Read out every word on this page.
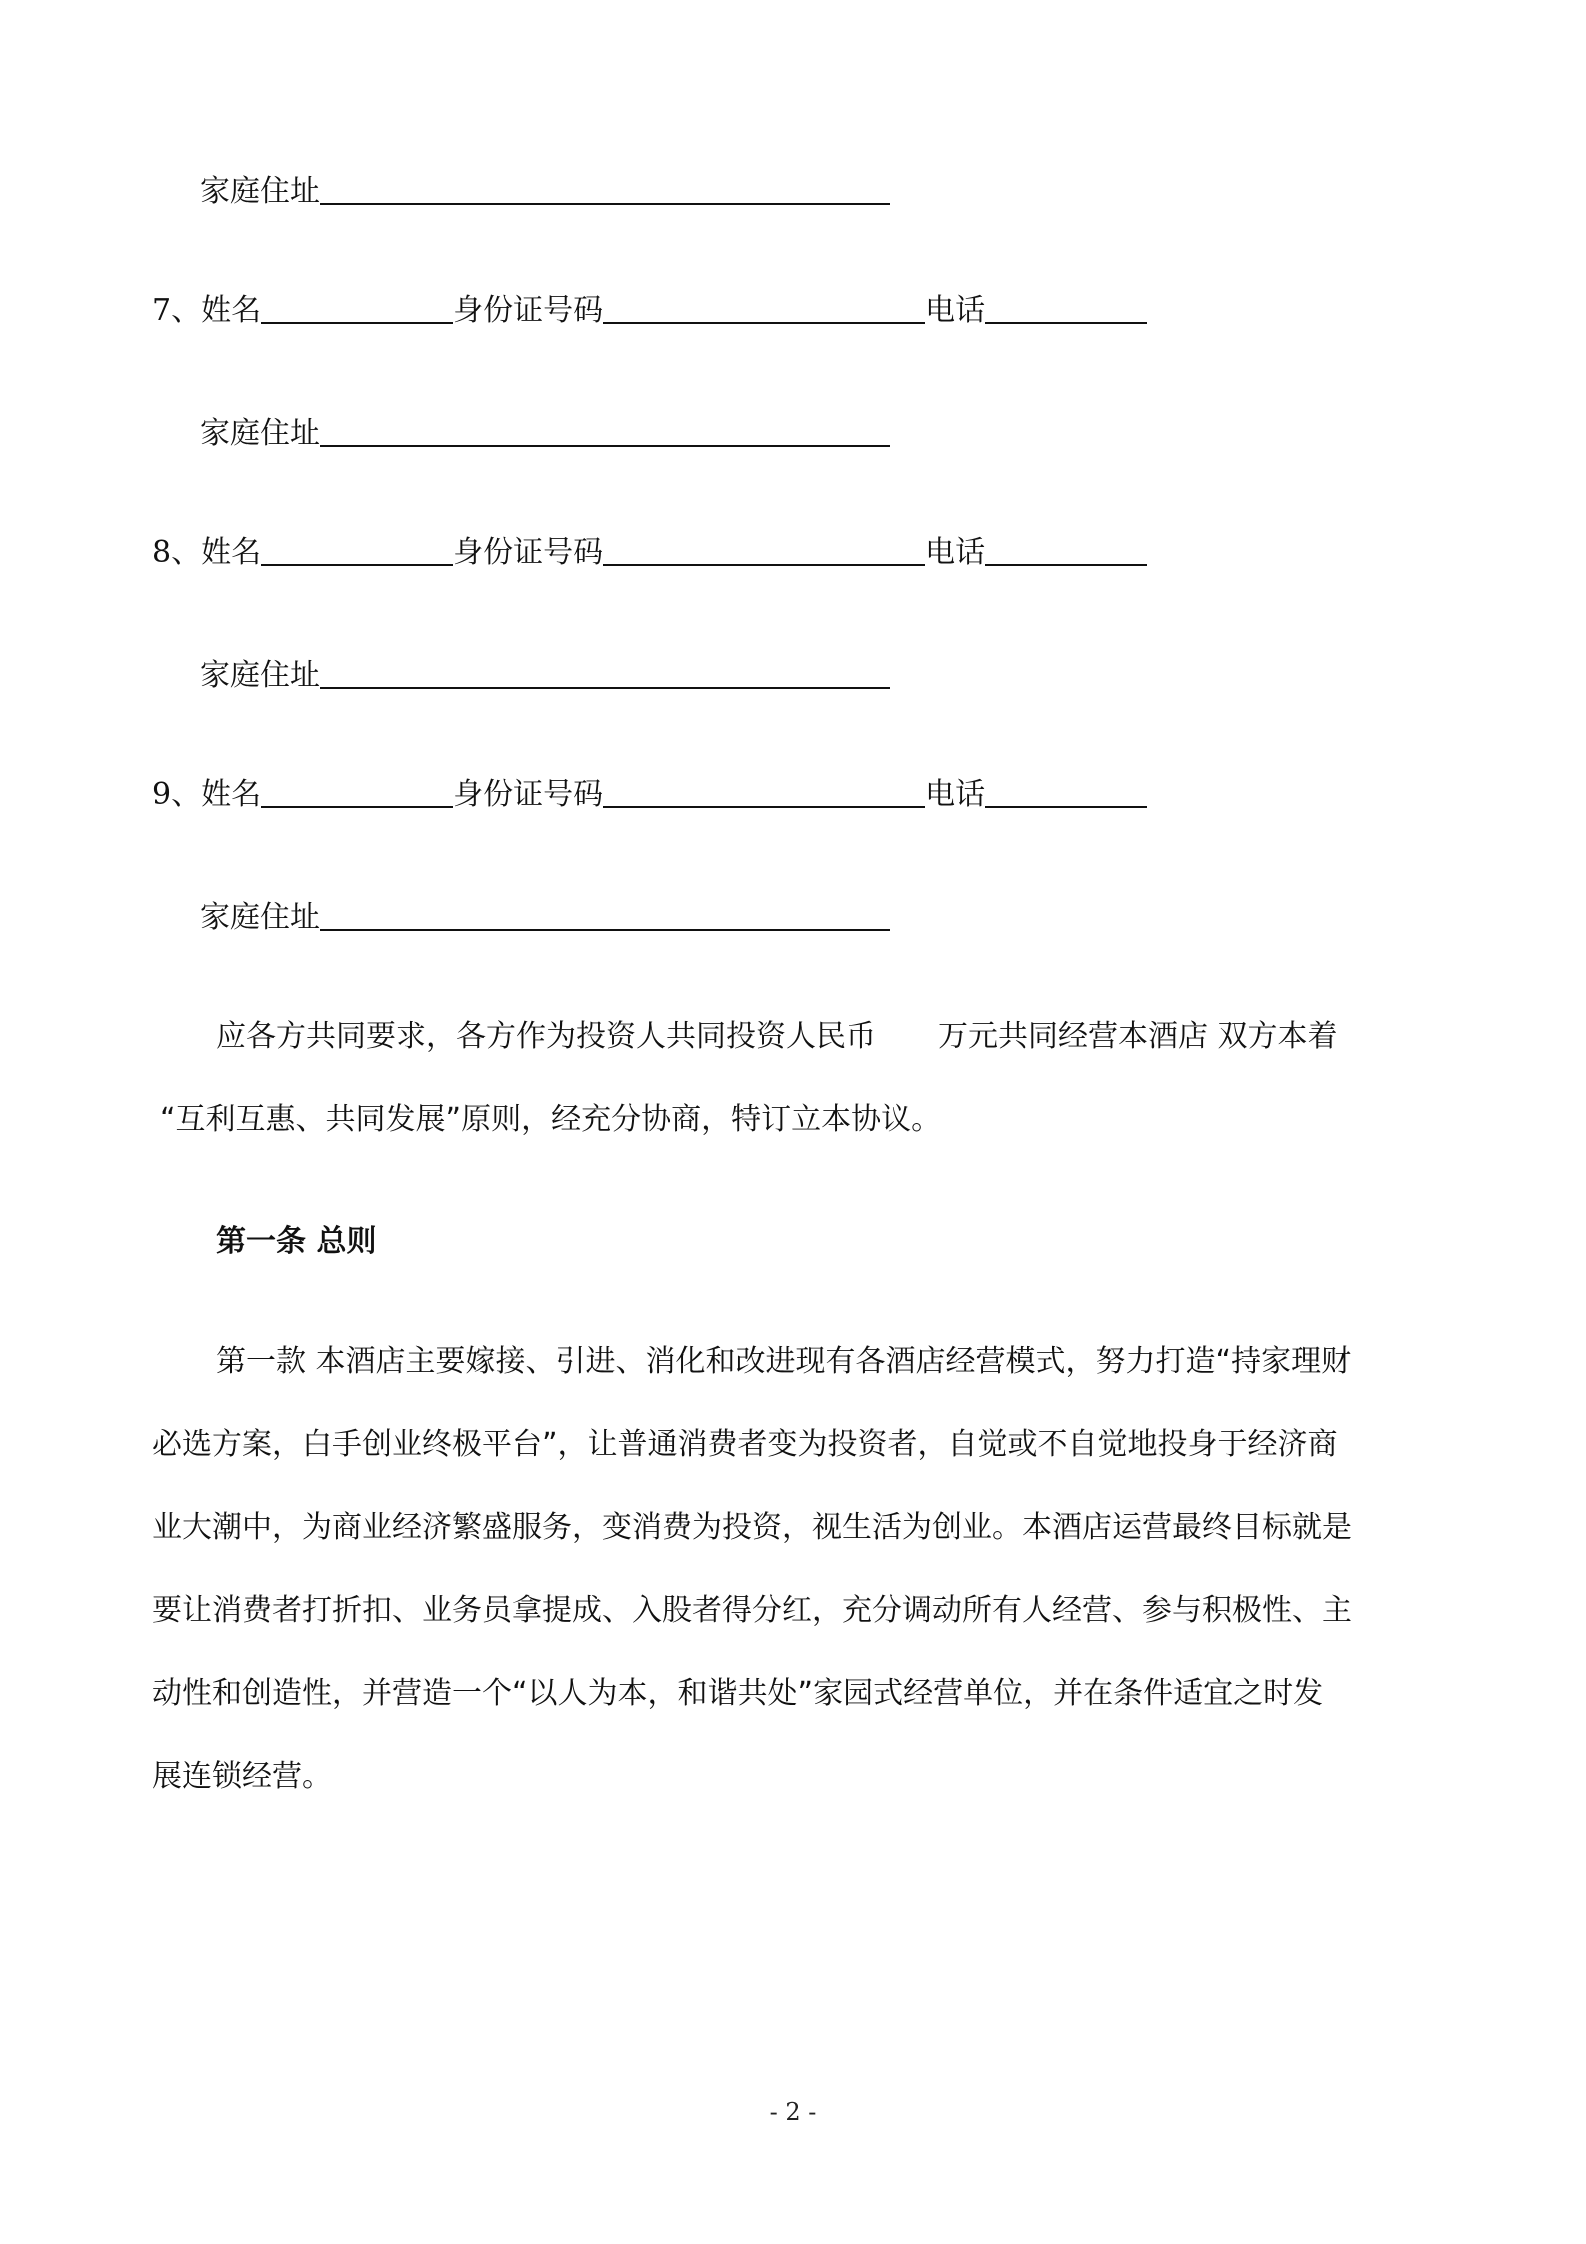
家庭住址
7、姓名	身份证号码	电话
家庭住址
8、姓名	身份证号码	电话
家庭住址
9、姓名	身份证号码	电话
家庭住址
应各方共同要求，各方作为投资人共同投资人民币 万元共同经营本酒店 双方本着
“互利互惠、共同发展”原则，经充分协商，特订立本协议。
第一条 总则
第一款 本酒店主要嫁接、引进、消化和改进现有各酒店经营模式，努力打造“持家理财
必选方案，白手创业终极平台”，让普通消费者变为投资者，自觉或不自觉地投身于经济商
业大潮中，为商业经济繁盛服务，变消费为投资，视生活为创业。本酒店运营最终目标就是
要让消费者打折扣、业务员拿提成、入股者得分红，充分调动所有人经营、参与积极性、主
动性和创造性，并营造一个“以人为本，和谐共处”家园式经营单位，并在条件适宜之时发
展连锁经营。
- 2 -
